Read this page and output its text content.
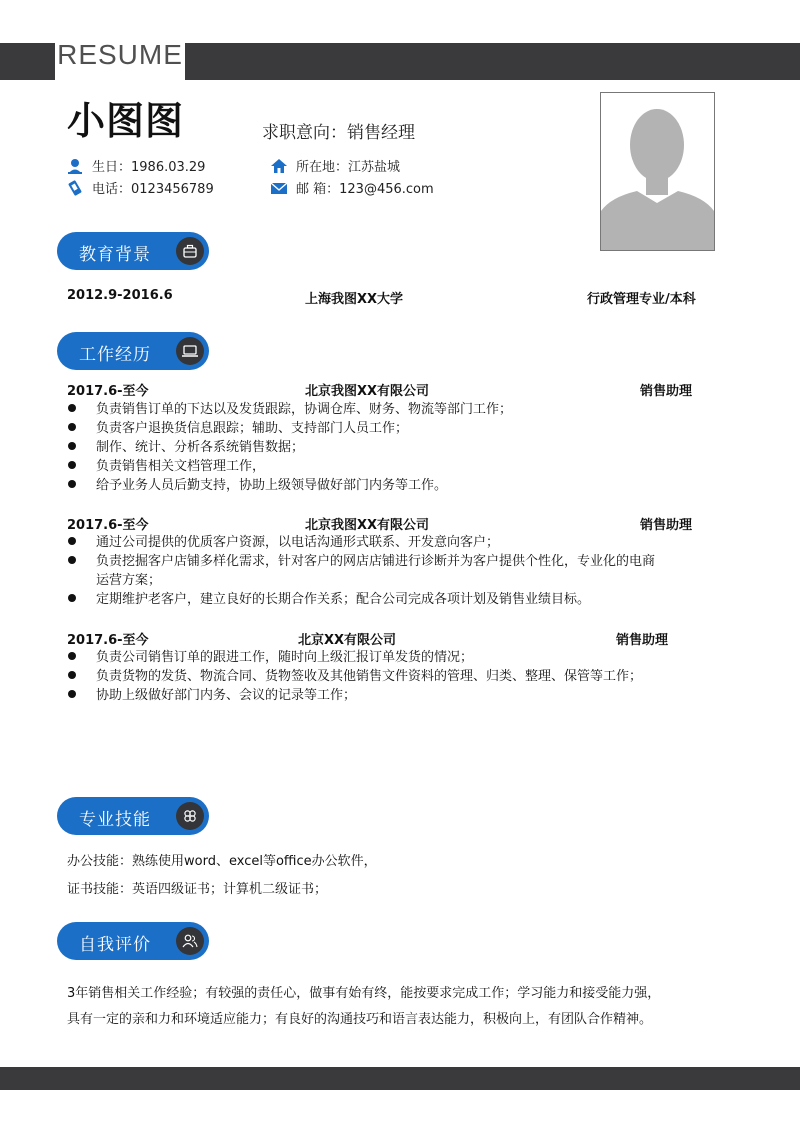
RESUME
小图图	求职意向：销售经理
生日：1986.03.29
电话：0123456789
所在地：江苏盐城
邮 箱：123@456.com
教育背景
2012.9-2016.6	上海我图XX大学	行政管理专业/本科
工作经历
2017.6-至今	北京我图XX有限公司	销售助理
负责销售订单的下达以及发货跟踪，协调仓库、财务、物流等部门工作；
负责客户退换货信息跟踪；辅助、支持部门人员工作；
制作、统计、分析各系统销售数据；
负责销售相关文档管理工作，
给予业务人员后勤支持，协助上级领导做好部门内务等工作。
2017.6-至今	北京我图XX有限公司	销售助理
通过公司提供的优质客户资源，以电话沟通形式联系、开发意向客户；
负责挖掘客户店铺多样化需求，针对客户的网店店铺进行诊断并为客户提供个性化，专业化的电商
运营方案；
定期维护老客户，建立良好的长期合作关系；配合公司完成各项计划及销售业绩目标。
2017.6-至今	北京XX有限公司	销售助理
负责公司销售订单的跟进工作，随时向上级汇报订单发货的情况；
负责货物的发货、物流合同、货物签收及其他销售文件资料的管理、归类、整理、保管等工作；
协助上级做好部门内务、会议的记录等工作；
专业技能
办公技能：熟练使用word、excel等office办公软件，
证书技能：英语四级证书；计算机二级证书；
自我评价
3年销售相关工作经验；有较强的责任心，做事有始有终，能按要求完成工作；学习能力和接受能力强，
具有一定的亲和力和环境适应能力；有良好的沟通技巧和语言表达能力，积极向上，有团队合作精神。
